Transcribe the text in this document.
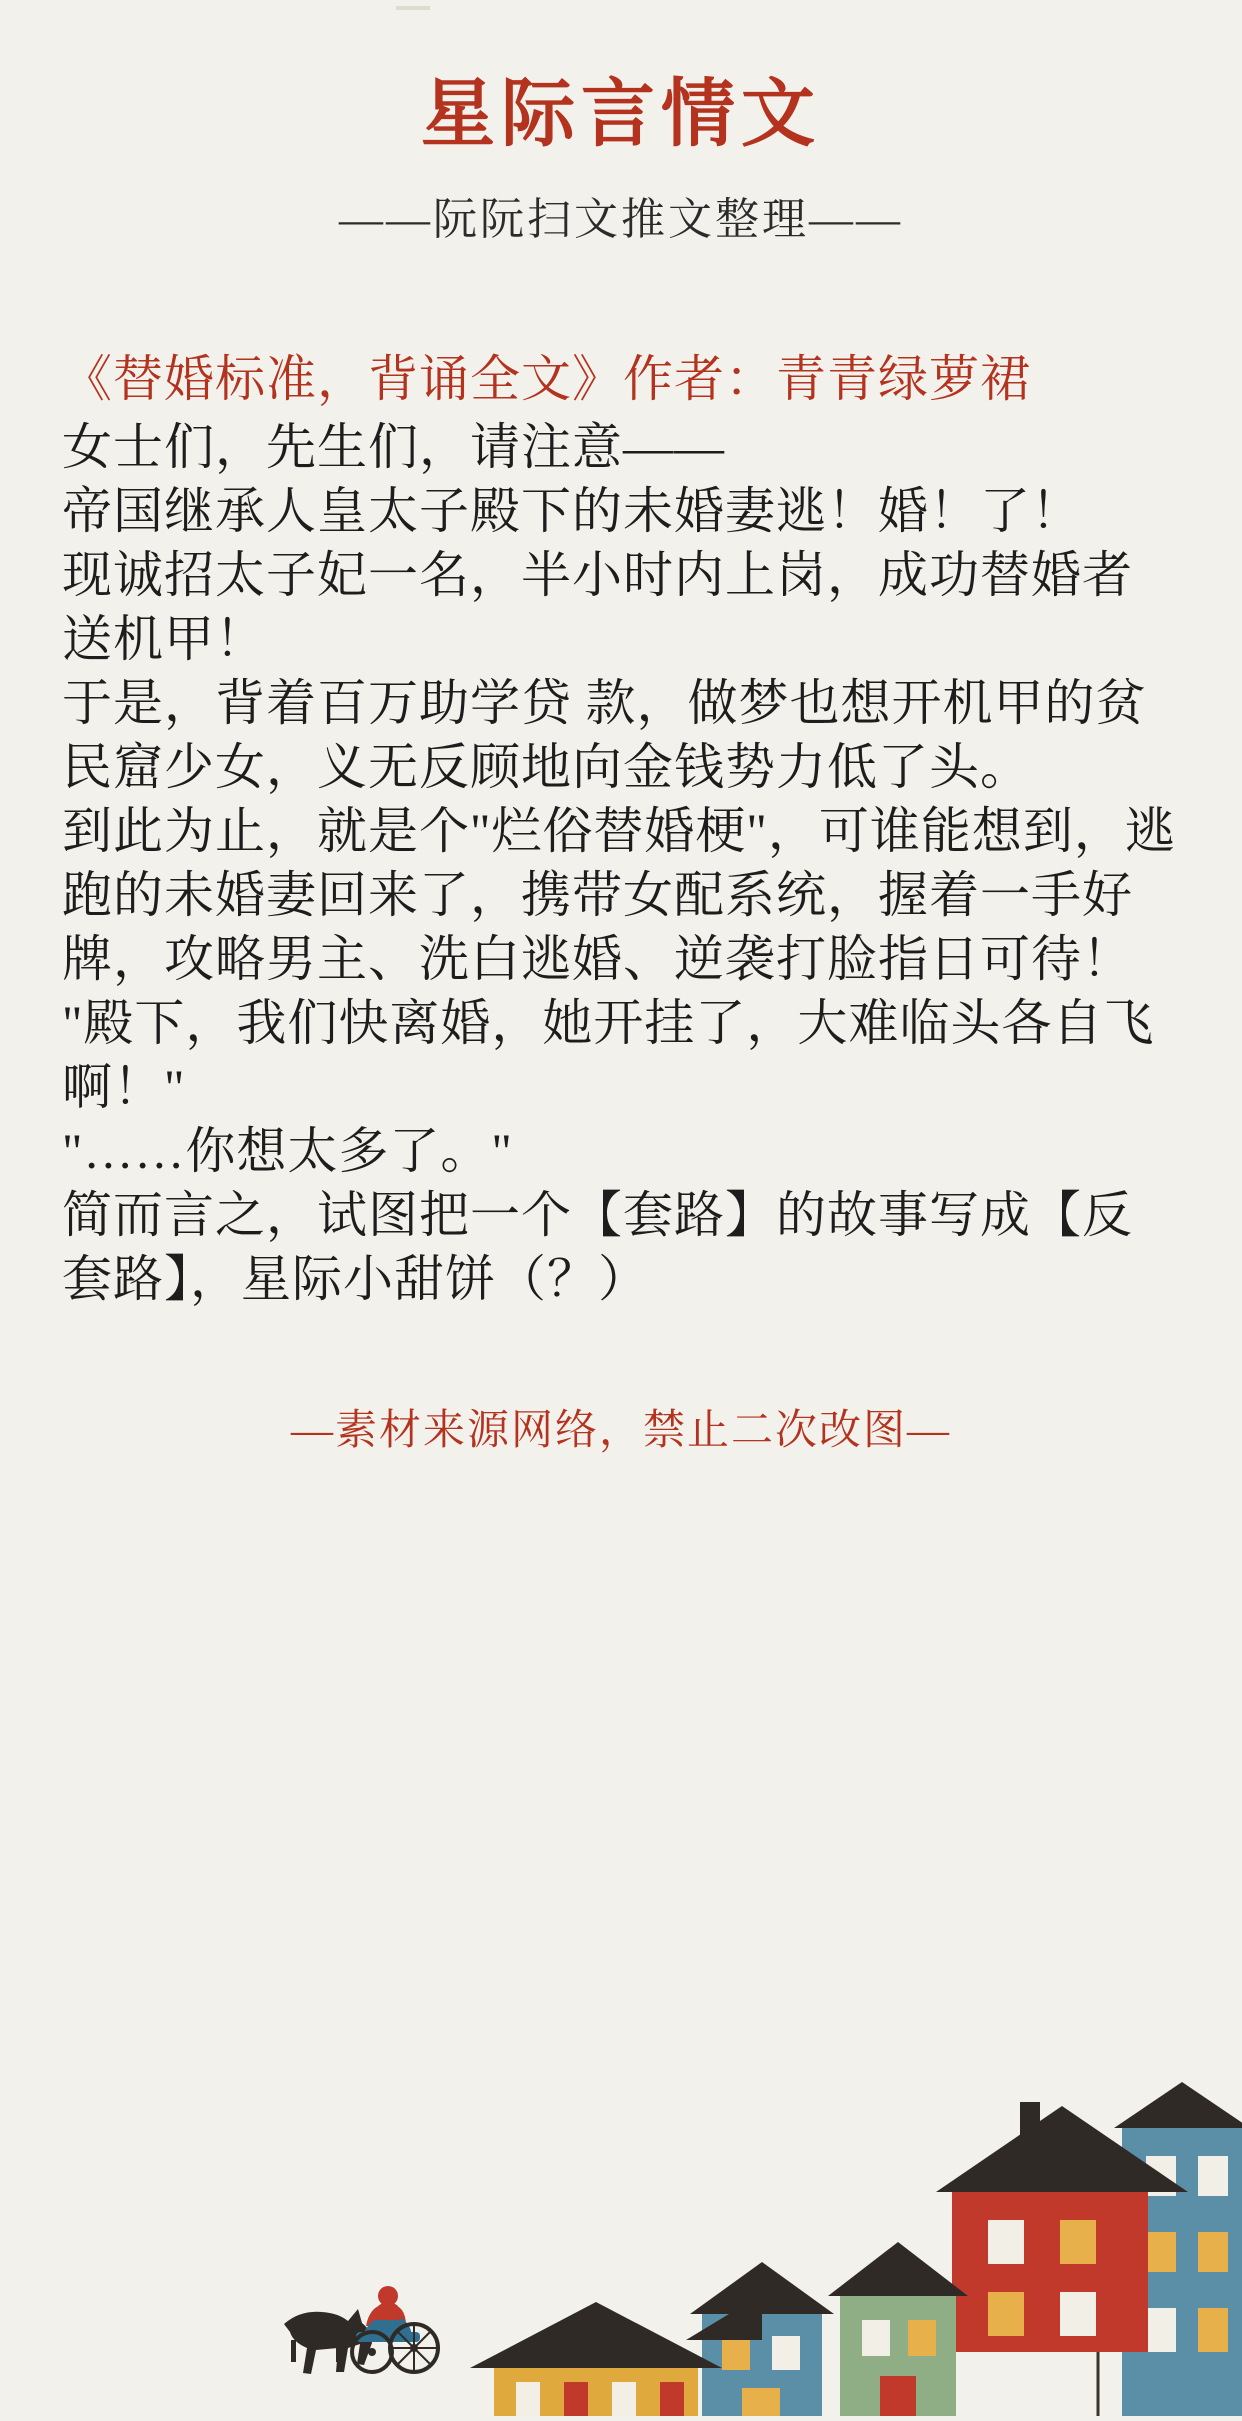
星际言情文
——阮阮扫文推文整理——

《替婚标准，背诵全文》作者：青青绿萝裙

女士们，先生们，请注意——

帝国继承人皇太子殿下的未婚妻逃！婚！了！

现诚招太子妃一名，半小时内上岗，成功替婚者送机甲！

于是，背着百万助学贷 款，做梦也想开机甲的贫民窟少女，义无反顾地向金钱势力低了头。

到此为止，就是个"烂俗替婚梗"，可谁能想到，逃跑的未婚妻回来了，携带女配系统，握着一手好牌，攻略男主、洗白逃婚、逆袭打脸指日可待！

"殿下，我们快离婚，她开挂了，大难临头各自飞啊！"

"……你想太多了。"

简而言之，试图把一个【套路】的故事写成【反套路】，星际小甜饼（？）

—素材来源网络，禁止二次改图—
